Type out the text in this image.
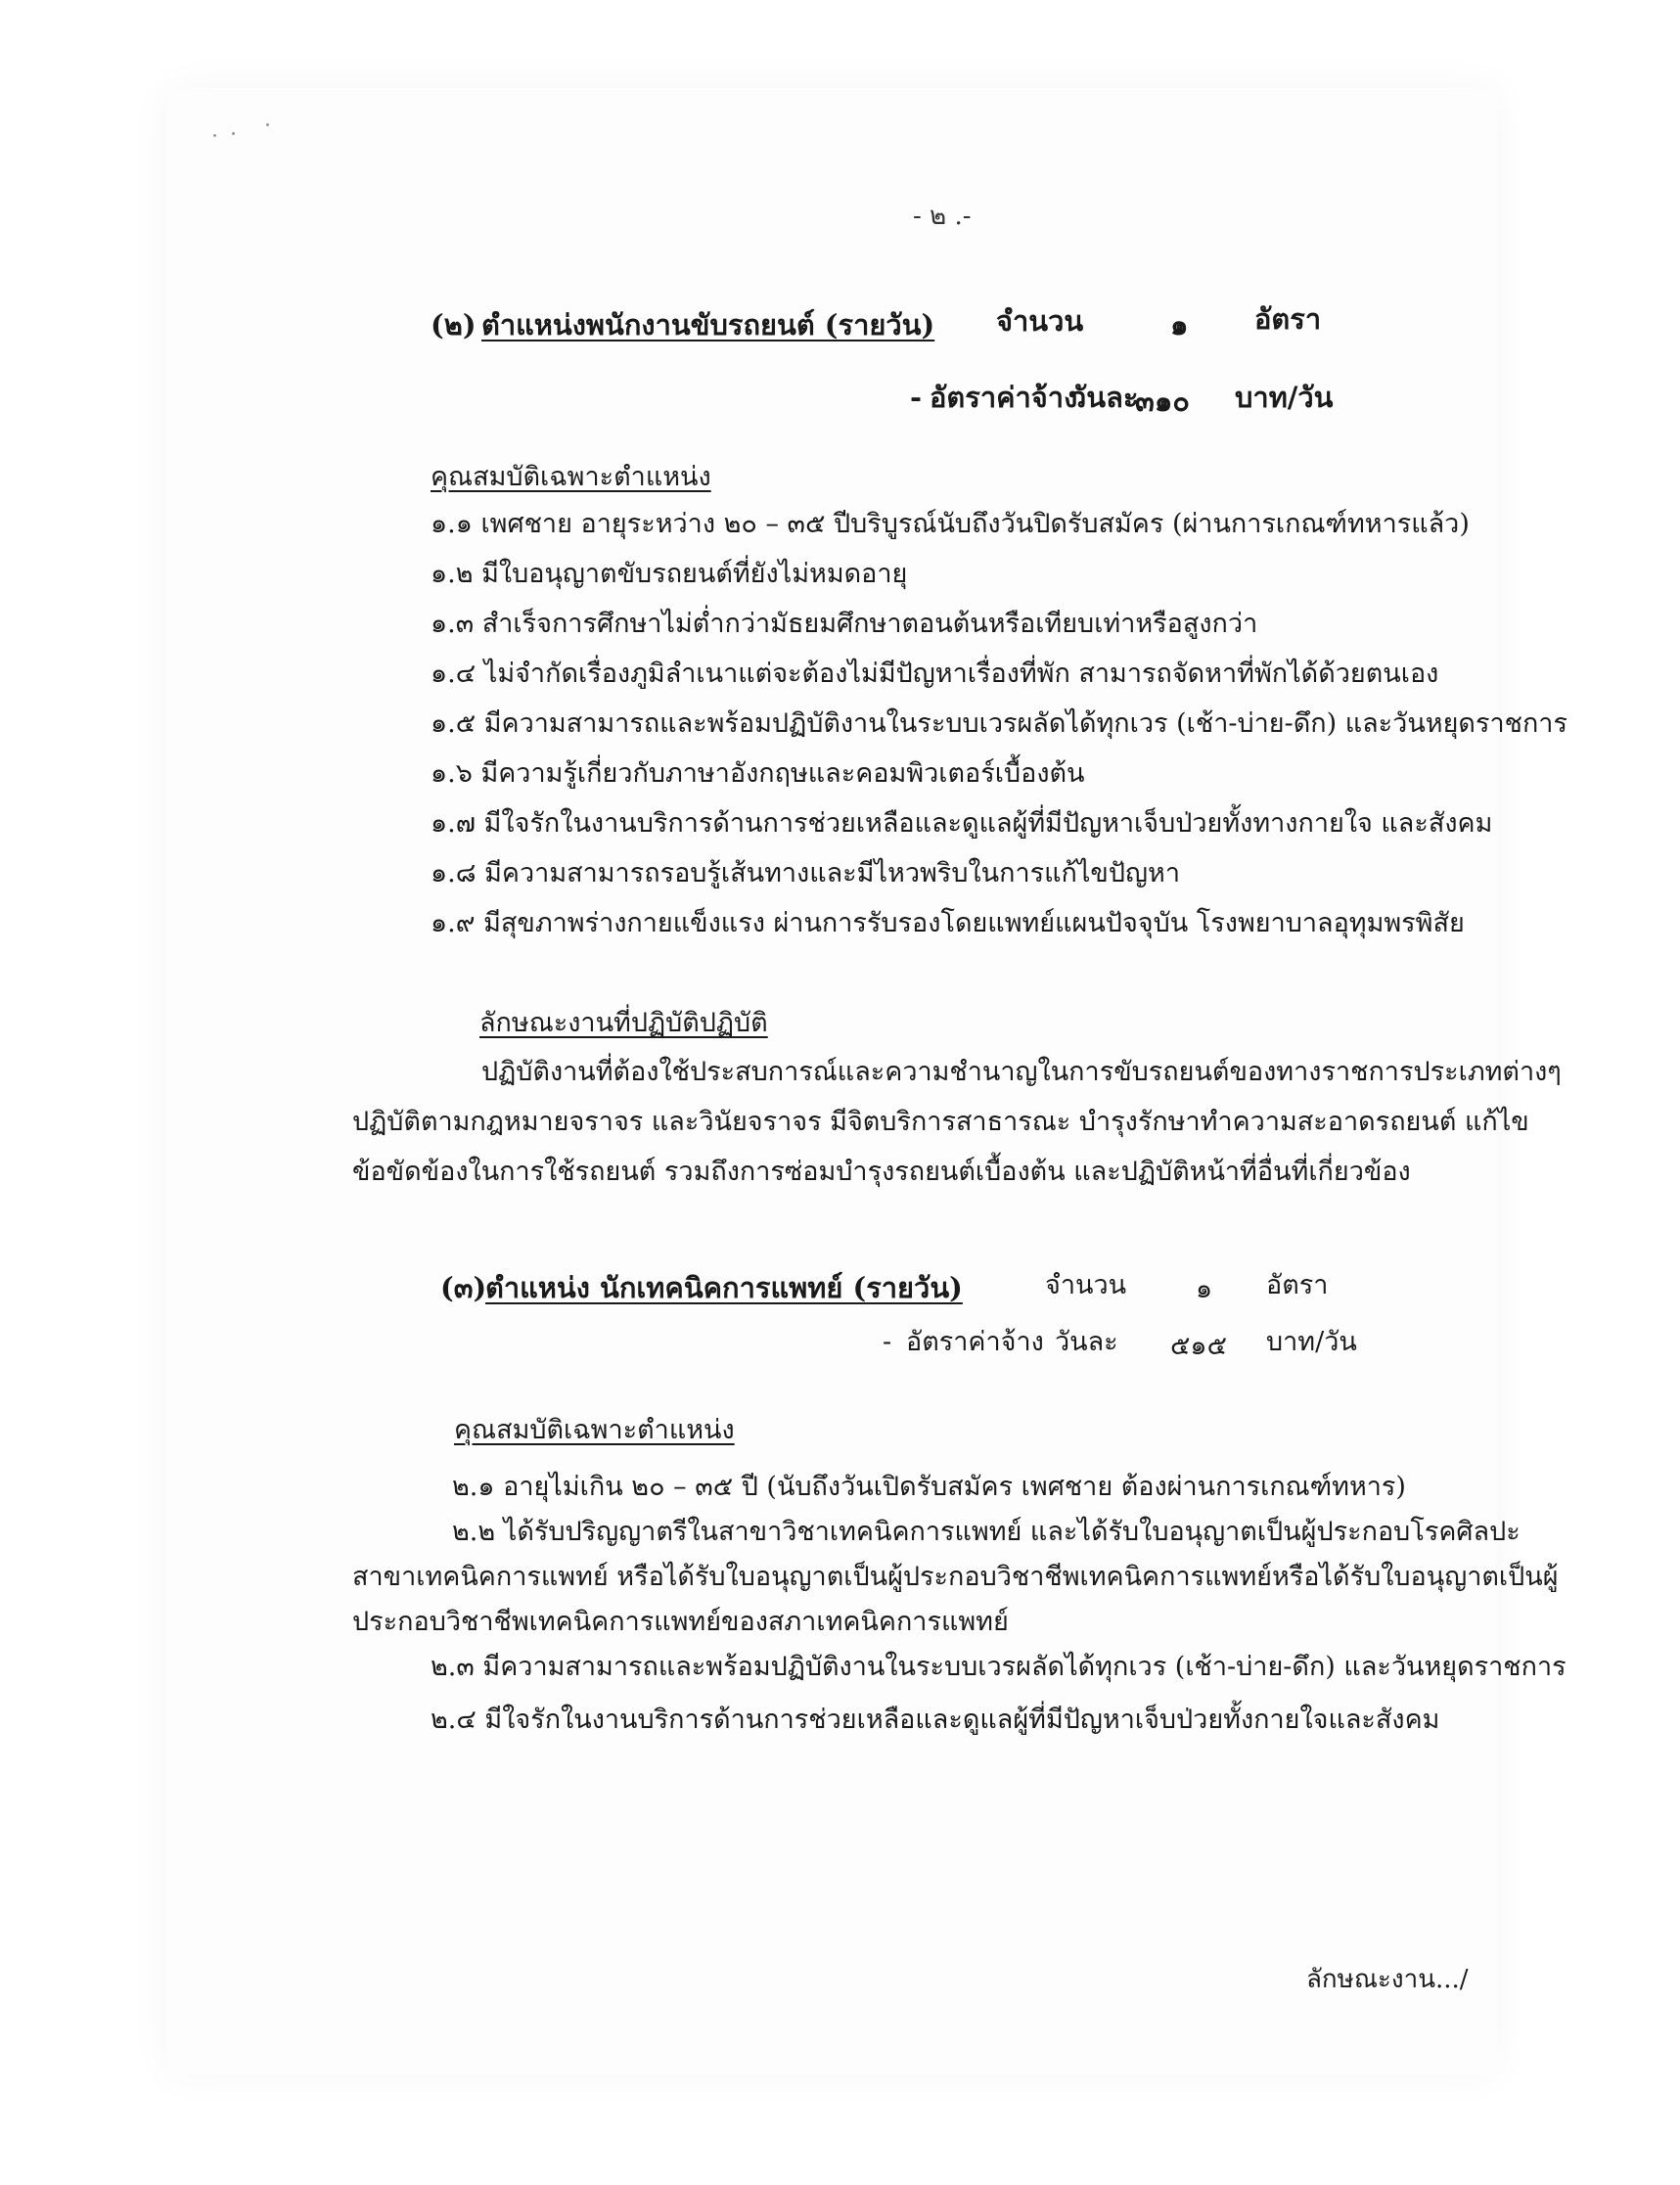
- ๒ .-
(๒) ตำแหน่งพนักงานขับรถยนต์ (รายวัน) จำนวน	๑ อัตรา
- อัตราค่าจ้าง
วันละ
๓๑๐ บาท/วัน
คุณสมบัติเฉพาะตำแหน่ง
๑.๑ เพศชาย อายุระหว่าง ๒๐ – ๓๕ ปีบริบูรณ์นับถึงวันปิดรับสมัคร (ผ่านการเกณฑ์ทหารแล้ว)
๑.๒ มีใบอนุญาตขับรถยนต์ที่ยังไม่หมดอายุ
๑.๓ สำเร็จการศึกษาไม่ต่ำกว่ามัธยมศึกษาตอนต้นหรือเทียบเท่าหรือสูงกว่า
๑.๔ ไม่จำกัดเรื่องภูมิลำเนาแต่จะต้องไม่มีปัญหาเรื่องที่พัก สามารถจัดหาที่พักได้ด้วยตนเอง
๑.๕ มีความสามารถและพร้อมปฏิบัติงานในระบบเวรผลัดได้ทุกเวร (เช้า-บ่าย-ดึก) และวันหยุดราชการ
๑.๖ มีความรู้เกี่ยวกับภาษาอังกฤษและคอมพิวเตอร์เบื้องต้น
๑.๗ มีใจรักในงานบริการด้านการช่วยเหลือและดูแลผู้ที่มีปัญหาเจ็บป่วยทั้งทางกายใจ และสังคม
๑.๘ มีความสามารถรอบรู้เส้นทางและมีไหวพริบในการแก้ไขปัญหา
๑.๙ มีสุขภาพร่างกายแข็งแรง ผ่านการรับรองโดยแพทย์แผนปัจจุบัน โรงพยาบาลอุทุมพรพิสัย
ลักษณะงานที่ปฏิบัติปฏิบัติ
ปฏิบัติงานที่ต้องใช้ประสบการณ์และความชำนาญในการขับรถยนต์ของทางราชการประเภทต่างๆ
ปฏิบัติตามกฎหมายจราจร และวินัยจราจร มีจิตบริการสาธารณะ บำรุงรักษาทำความสะอาดรถยนต์ แก้ไข
ข้อขัดข้องในการใช้รถยนต์ รวมถึงการซ่อมบำรุงรถยนต์เบื้องต้น และปฏิบัติหน้าที่อื่นที่เกี่ยวข้อง
(๓)
ตำแหน่ง นักเทคนิคการแพทย์ (รายวัน)	จำนวน	๑ อัตรา
- อัตราค่าจ้าง วันละ ๕๑๕ บาท/วัน
คุณสมบัติเฉพาะตำแหน่ง
๒.๑ อายุไม่เกิน ๒๐ – ๓๕ ปี (นับถึงวันเปิดรับสมัคร เพศชาย ต้องผ่านการเกณฑ์ทหาร)
๒.๒ ได้รับปริญญาตรีในสาขาวิชาเทคนิคการแพทย์ และได้รับใบอนุญาตเป็นผู้ประกอบโรคศิลปะ
สาขาเทคนิคการแพทย์ หรือได้รับใบอนุญาตเป็นผู้ประกอบวิชาชีพเทคนิคการแพทย์หรือได้รับใบอนุญาตเป็นผู้
ประกอบวิชาชีพเทคนิคการแพทย์ของสภาเทคนิคการแพทย์
๒.๓ มีความสามารถและพร้อมปฏิบัติงานในระบบเวรผลัดได้ทุกเวร (เช้า-บ่าย-ดึก) และวันหยุดราชการ
๒.๔ มีใจรักในงานบริการด้านการช่วยเหลือและดูแลผู้ที่มีปัญหาเจ็บป่วยทั้งกายใจและสังคม
ลักษณะงาน.../
